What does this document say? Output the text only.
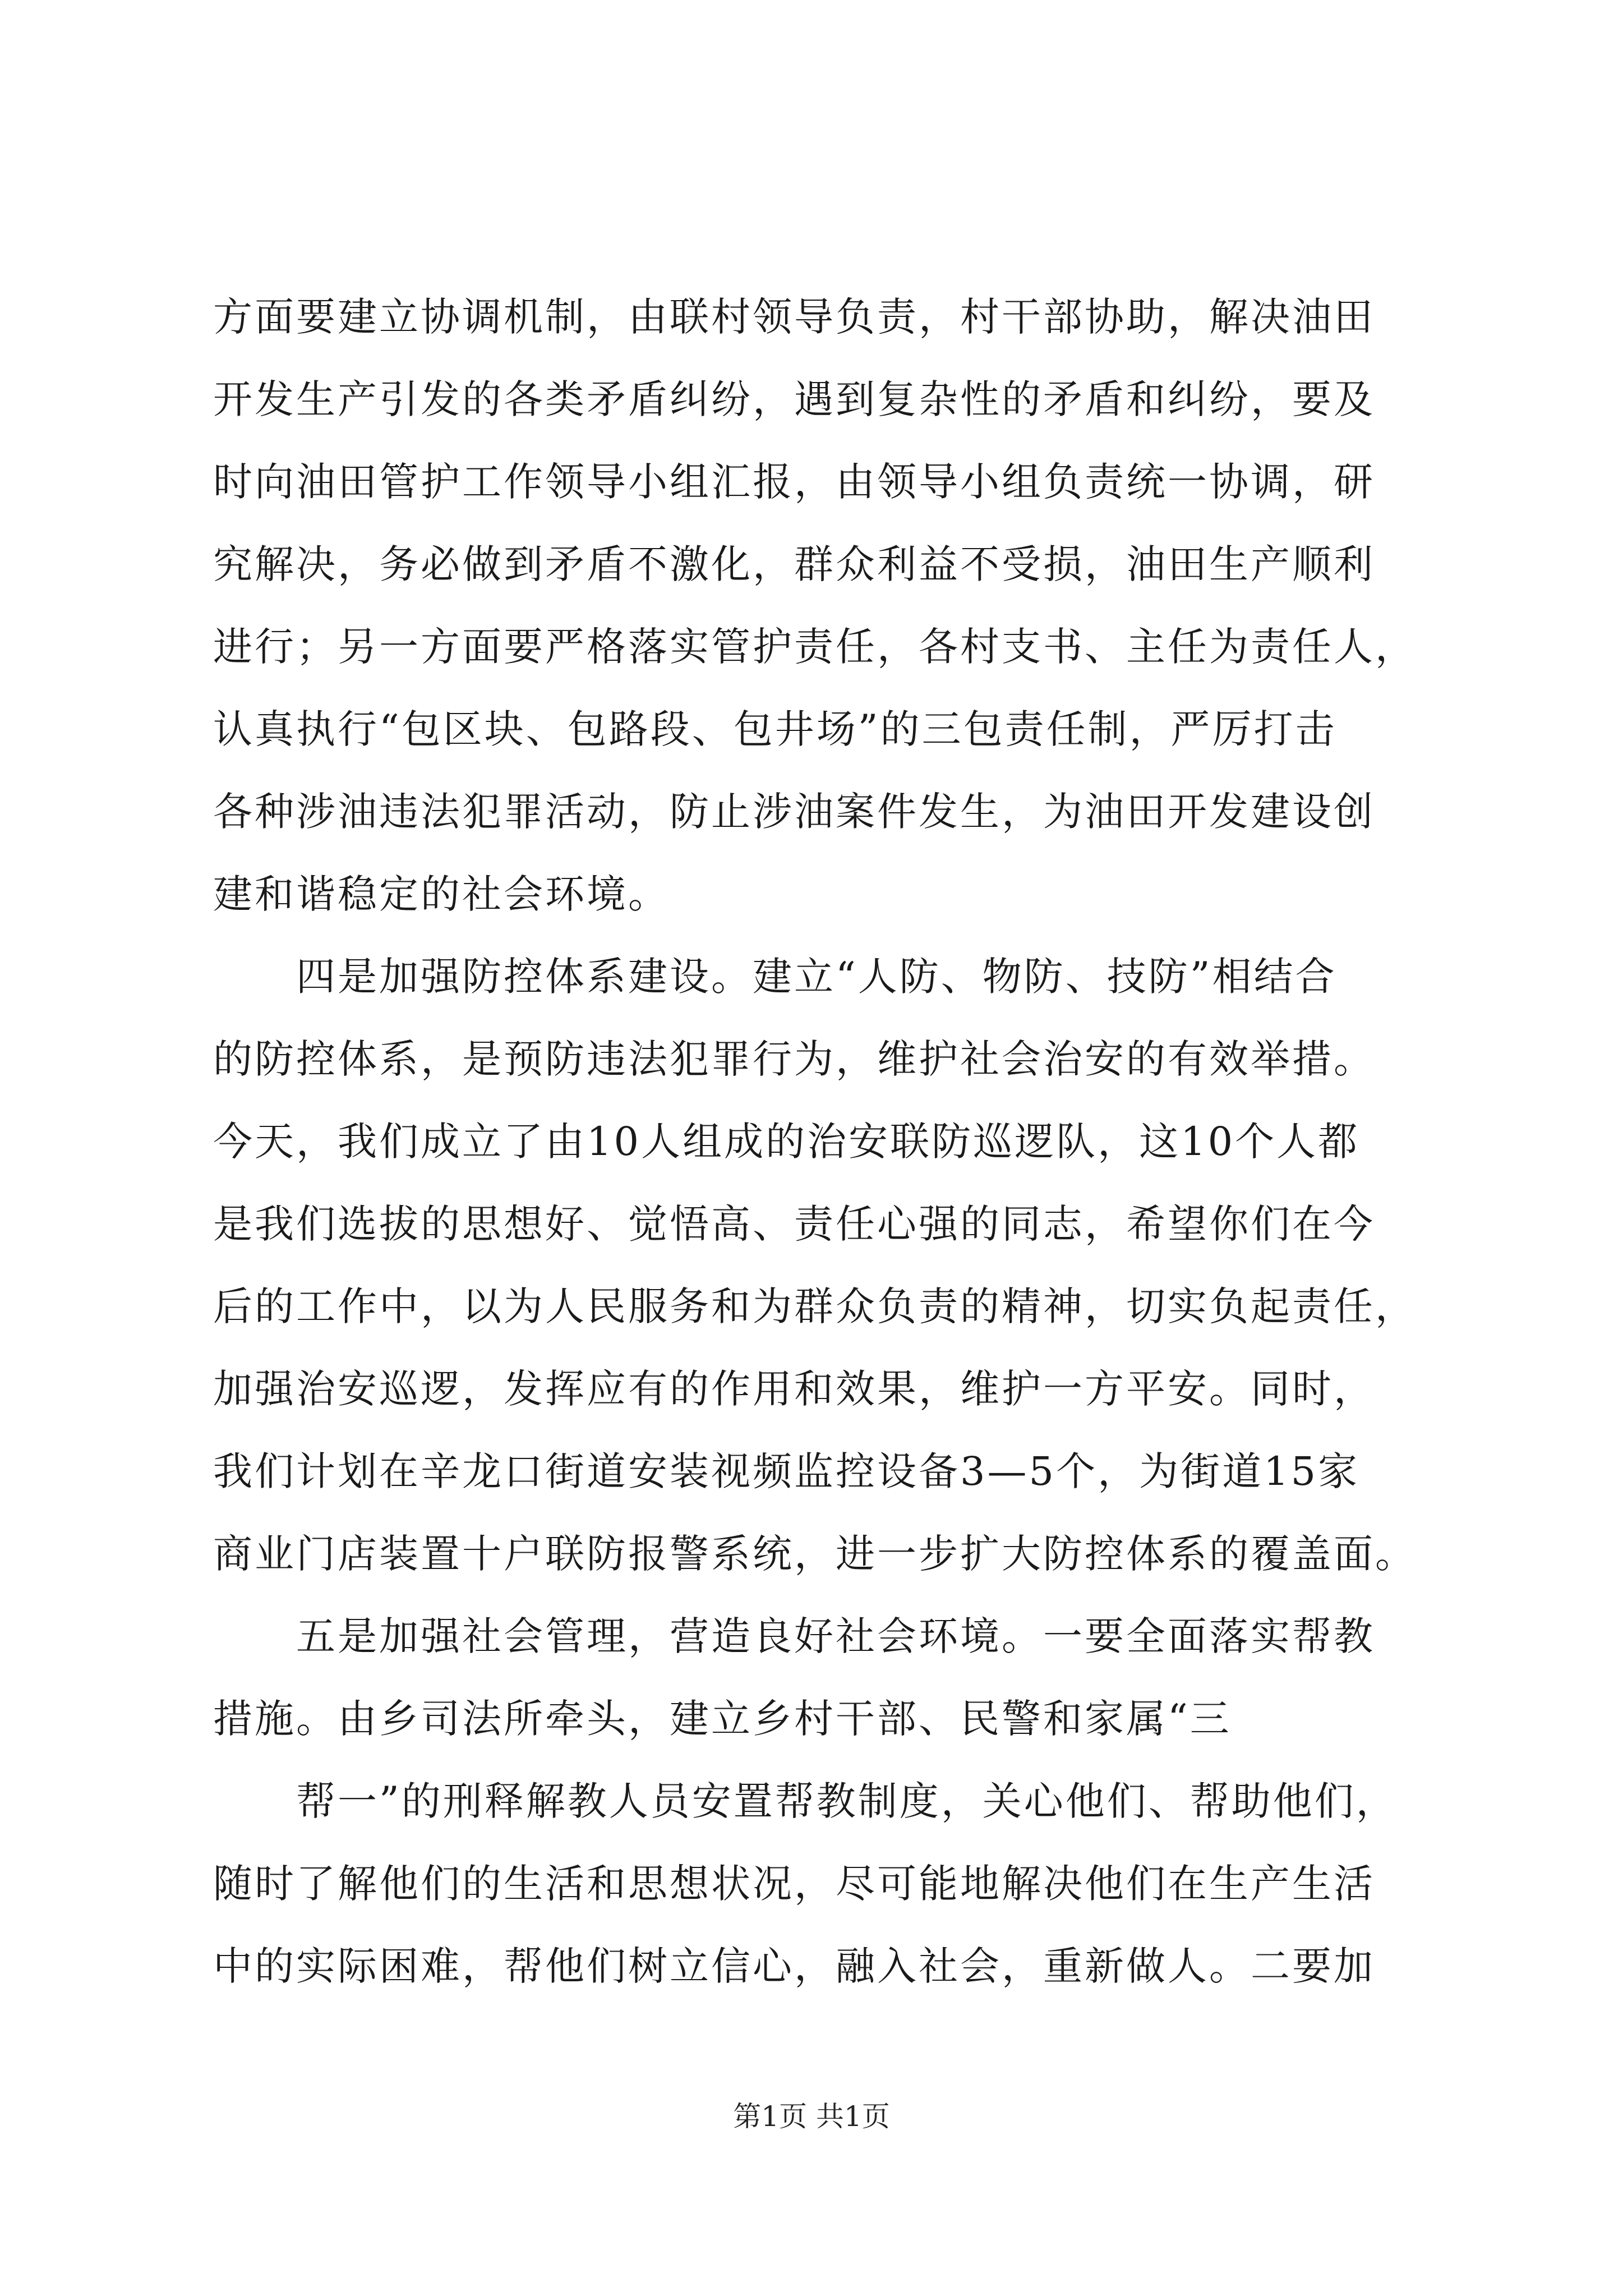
方面要建立协调机制，由联村领导负责，村干部协助，解决油田
开发生产引发的各类矛盾纠纷，遇到复杂性的矛盾和纠纷，要及
时向油田管护工作领导小组汇报，由领导小组负责统一协调，研
究解决，务必做到矛盾不激化，群众利益不受损，油田生产顺利
进行；另一方面要严格落实管护责任，各村支书、主任为责任人，
认真执行“包区块、包路段、包井场”的三包责任制，严厉打击
各种涉油违法犯罪活动，防止涉油案件发生，为油田开发建设创
建和谐稳定的社会环境。
四是加强防控体系建设。建立“人防、物防、技防”相结合
的防控体系，是预防违法犯罪行为，维护社会治安的有效举措。
今天，我们成立了由10人组成的治安联防巡逻队，这10个人都
是我们选拔的思想好、觉悟高、责任心强的同志，希望你们在今
后的工作中，以为人民服务和为群众负责的精神，切实负起责任，
加强治安巡逻，发挥应有的作用和效果，维护一方平安。同时，
我们计划在辛龙口街道安装视频监控设备3—5个，为街道15家
商业门店装置十户联防报警系统，进一步扩大防控体系的覆盖面。
五是加强社会管理，营造良好社会环境。一要全面落实帮教
措施。由乡司法所牵头，建立乡村干部、民警和家属“三
帮一”的刑释解教人员安置帮教制度，关心他们、帮助他们，
随时了解他们的生活和思想状况，尽可能地解决他们在生产生活
中的实际困难，帮他们树立信心，融入社会，重新做人。二要加
第1页 共1页
